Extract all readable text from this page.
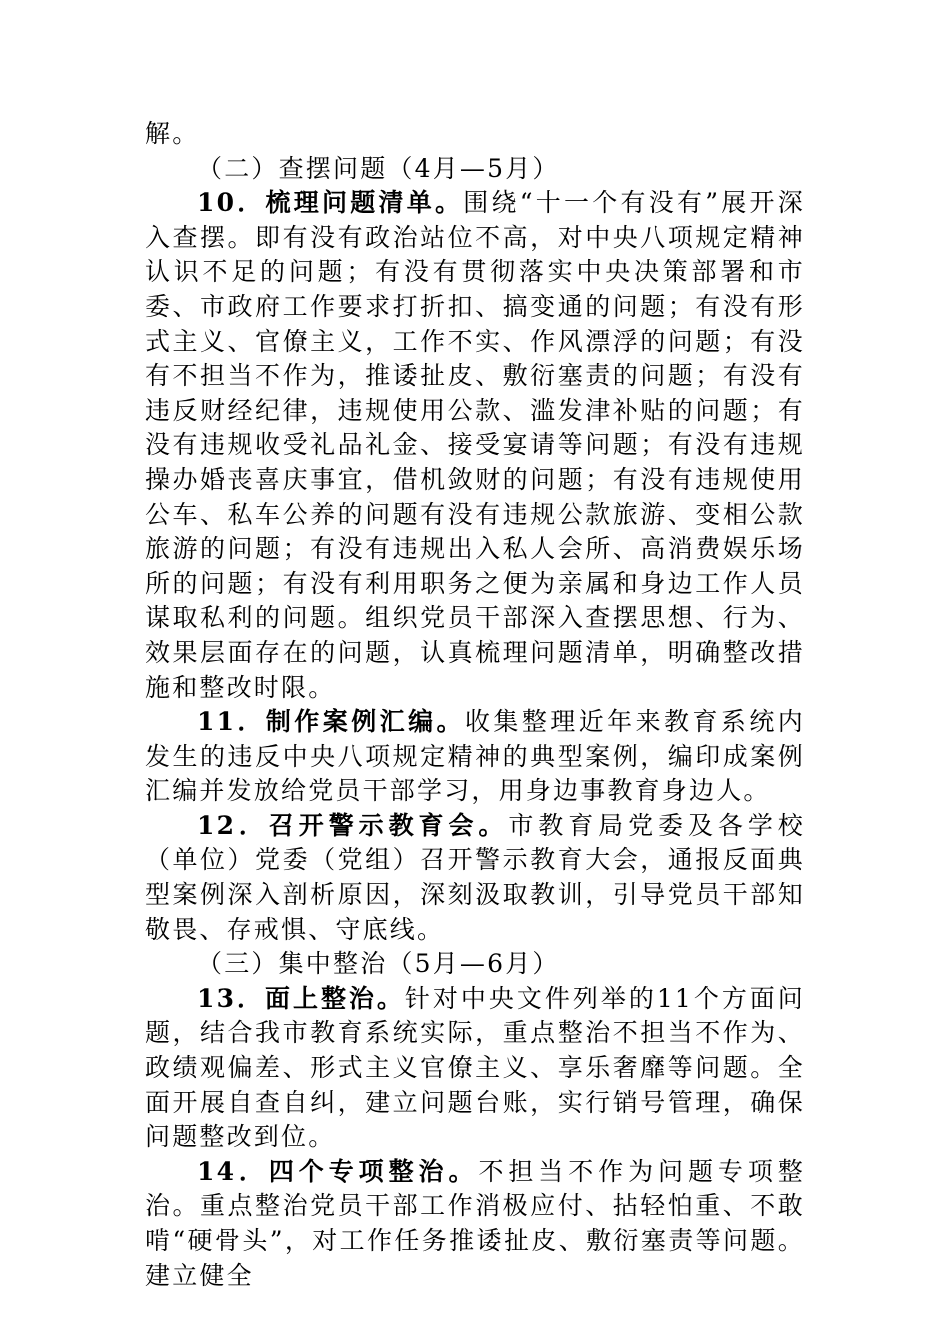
解。

（二）查摆问题（4月—5月）

10．梳理问题清单。围绕“十一个有没有”展开深入查摆。即有没有政治站位不高，对中央八项规定精神认识不足的问题；有没有贯彻落实中央决策部署和市委、市政府工作要求打折扣、搞变通的问题；有没有形式主义、官僚主义，工作不实、作风漂浮的问题；有没有不担当不作为，推诿扯皮、敷衍塞责的问题；有没有违反财经纪律，违规使用公款、滥发津补贴的问题；有没有违规收受礼品礼金、接受宴请等问题；有没有违规操办婚丧喜庆事宜，借机敛财的问题；有没有违规使用公车、私车公养的问题有没有违规公款旅游、变相公款旅游的问题；有没有违规出入私人会所、高消费娱乐场所的问题；有没有利用职务之便为亲属和身边工作人员谋取私利的问题。组织党员干部深入查摆思想、行为、效果层面存在的问题，认真梳理问题清单，明确整改措施和整改时限。

11．制作案例汇编。收集整理近年来教育系统内发生的违反中央八项规定精神的典型案例，编印成案例汇编并发放给党员干部学习，用身边事教育身边人。

12．召开警示教育会。市教育局党委及各学校（单位）党委（党组）召开警示教育大会，通报反面典型案例深入剖析原因，深刻汲取教训，引导党员干部知敬畏、存戒惧、守底线。

（三）集中整治（5月—6月）

13．面上整治。针对中央文件列举的11个方面问题，结合我市教育系统实际，重点整治不担当不作为、政绩观偏差、形式主义官僚主义、享乐奢靡等问题。全面开展自查自纠，建立问题台账，实行销号管理，确保问题整改到位。

14．四个专项整治。不担当不作为问题专项整治。重点整治党员干部工作消极应付、拈轻怕重、不敢啃“硬骨头”，对工作任务推诿扯皮、敷衍塞责等问题。建立健全
